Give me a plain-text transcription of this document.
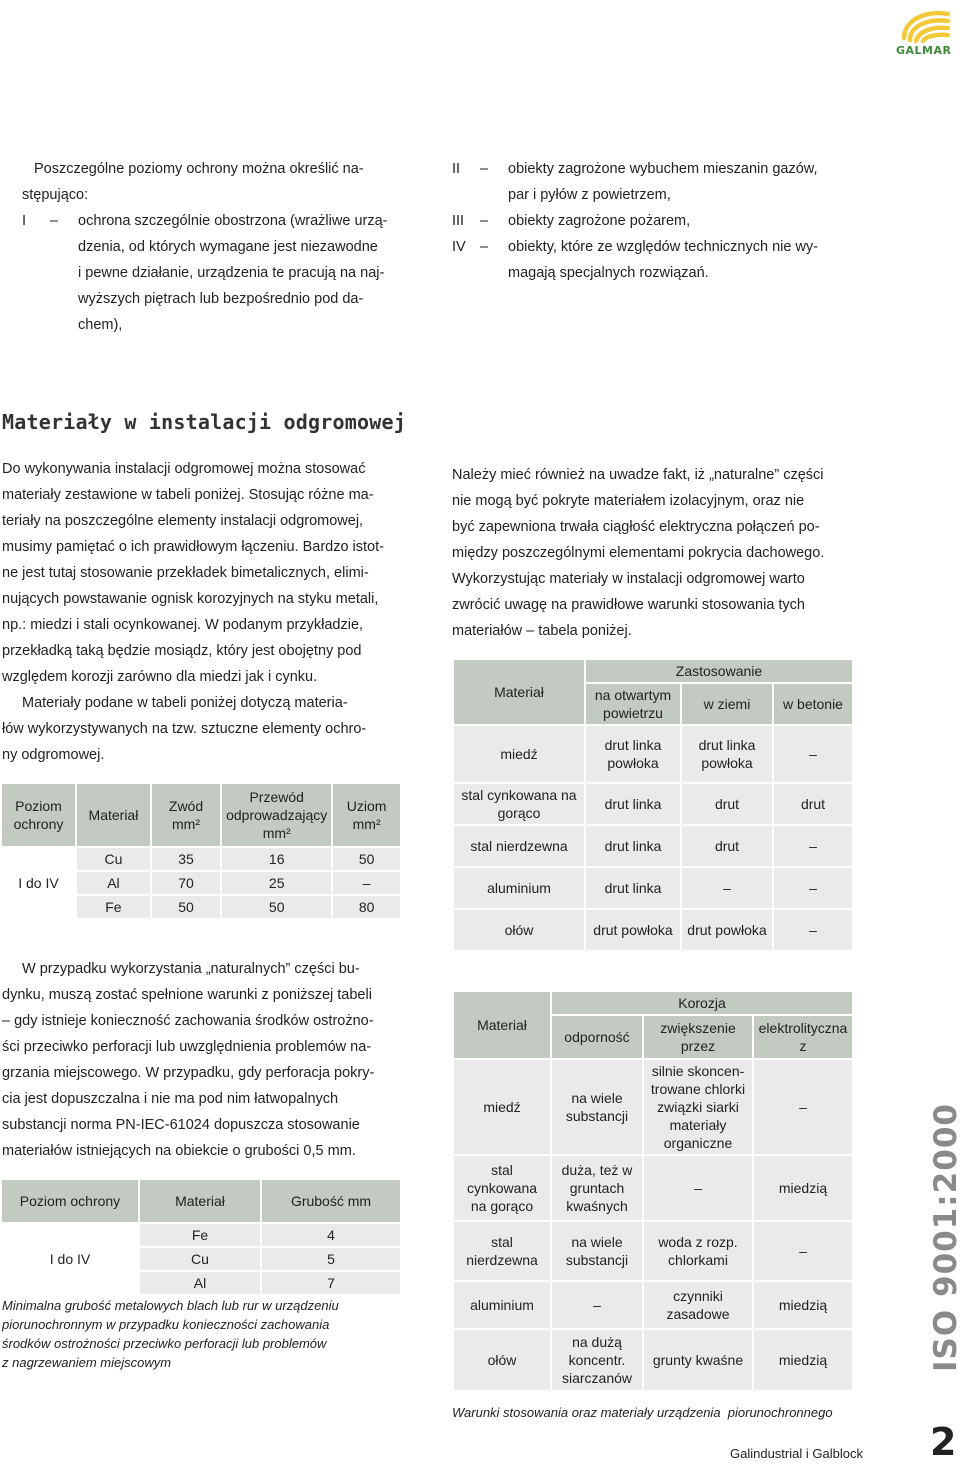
GALMAR
Poszczególne poziomy ochrony można określić na-
stępująco:
I	–	ochrona szczególnie obostrzona (wrażliwe urzą-
dzenia, od których wymagane jest niezawodne
i pewne działanie, urządzenia te pracują na naj-
wyższych piętrach lub bezpośrednio pod da-
chem),
II	–	obiekty zagrożone wybuchem mieszanin gazów,
par i pyłów z powietrzem,
III	–	obiekty zagrożone pożarem,
IV –	obiekty, które ze względów technicznych nie wy-
magają specjalnych rozwiązań.
Materiały w instalacji odgromowej
Do wykonywania instalacji odgromowej można stosować
materiały zestawione w tabeli poniżej. Stosując różne ma-
teriały na poszczególne elementy instalacji odgromowej,
musimy pamiętać o ich prawidłowym łączeniu. Bardzo istot-
ne jest tutaj stosowanie przekładek bimetalicznych, elimi-
nujących powstawanie ognisk korozyjnych na styku metali,
np.: miedzi i stali ocynkowanej. W podanym przykładzie,
przekładką taką będzie mosiądz, który jest obojętny pod
względem korozji zarówno dla miedzi jak i cynku.
Materiały podane w tabeli poniżej dotyczą materia-
łów wykorzystywanych na tzw. sztuczne elementy ochro-
ny odgromowej.
Należy mieć również na uwadze fakt, iż „naturalne” części
nie mogą być pokryte materiałem izolacyjnym, oraz nie
być zapewniona trwała ciągłość elektryczna połączeń po-
między poszczególnymi elementami pokrycia dachowego.
Wykorzystując materiały w instalacji odgromowej warto
zwrócić uwagę na prawidłowe warunki stosowania tych
materiałów – tabela poniżej.
Poziom ochrony	Materiał	Zwód mm²	Przewód odprowadzający mm²	Uziom mm²
I do IV	Cu	35	16	50
	Al	70	25	–
	Fe	50	50	80
W przypadku wykorzystania „naturalnych” części bu-
dynku, muszą zostać spełnione warunki z poniższej tabeli
– gdy istnieje konieczność zachowania środków ostrożno-
ści przeciwko perforacji lub uwzględnienia problemów na-
grzania miejscowego. W przypadku, gdy perforacja pokry-
cia jest dopuszczalna i nie ma pod nim łatwopalnych
substancji norma PN-IEC-61024 dopuszcza stosowanie
materiałów istniejących na obiekcie o grubości 0,5 mm.
Poziom ochrony	Materiał	Grubość mm
I do IV	Fe	4
	Cu	5
	Al	7
Minimalna grubość metalowych blach lub rur w urządzeniu
piorunochronnym w przypadku konieczności zachowania
środków ostrożności przeciwko perforacji lub problemów
z nagrzewaniem miejscowym
Materiał	Zastosowanie		
	na otwartym powietrzu	w ziemi	w betonie
miedź	drut linka powłoka	drut linka powłoka	–
stal cynkowana na gorąco	drut linka	drut	drut
stal nierdzewna	drut linka	drut	–
aluminium	drut linka	–	–
ołów	drut powłoka	drut powłoka	–
Materiał	Korozja		
	odporność	zwiększenie przez	elektrolityczna z
miedź	na wiele substancji	silnie skoncen- trowane chlorki związki siarki materiały organiczne	–
stal cynkowana na gorąco	duża, też w gruntach kwaśnych	–	miedzią
stal nierdzewna	na wiele substancji	woda z rozp. chlorkami	–
aluminium	–	czynniki zasadowe	miedzią
ołów	na dużą koncentr. siarczanów	grunty kwaśne	miedzią
Warunki stosowania oraz materiały urządzenia  piorunochronnego
ISO 9001:2000
Galindustrial i Galblock 2
